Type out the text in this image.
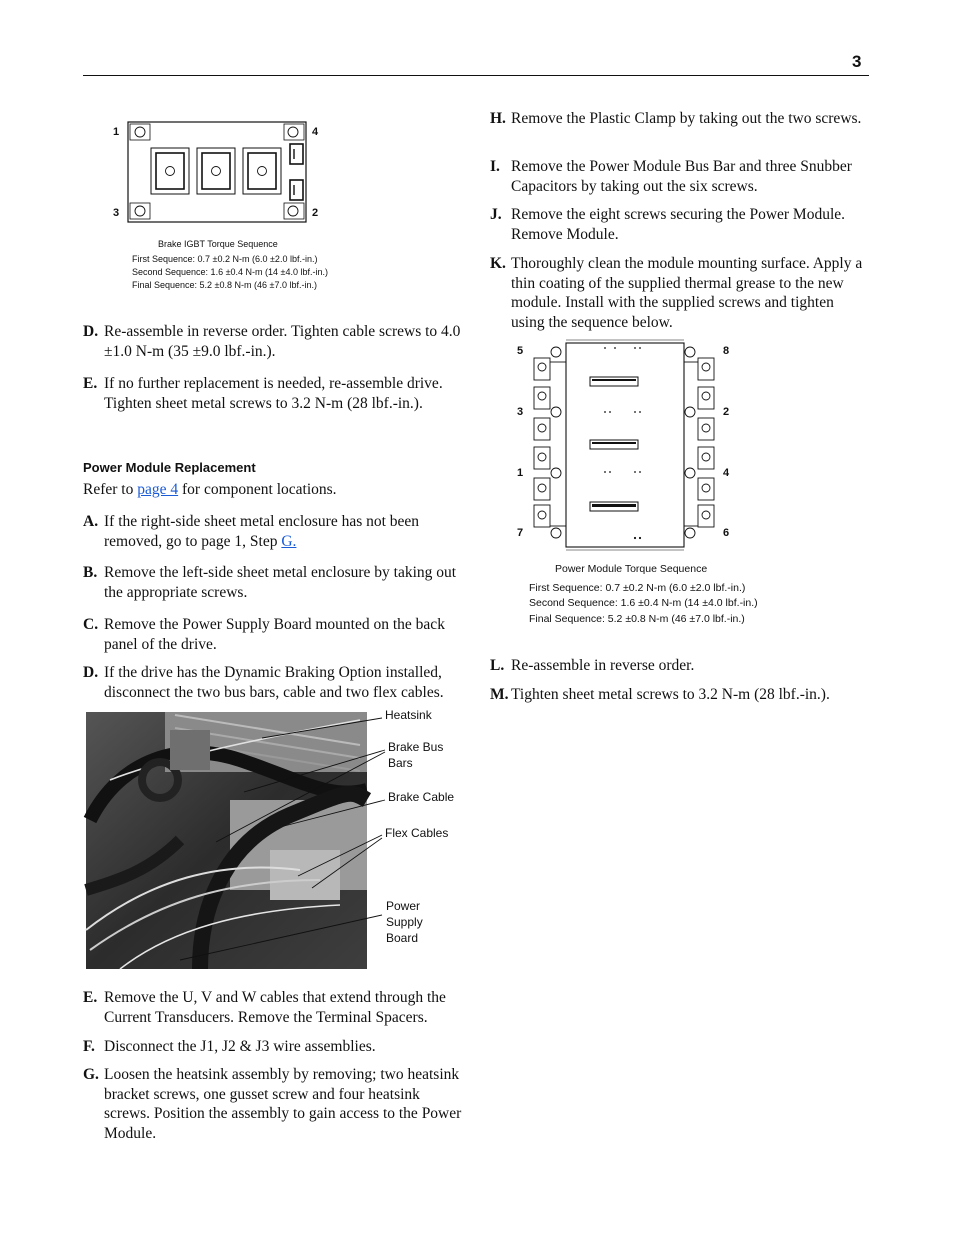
3
1	4
3	2
Brake IGBT Torque Sequence
First Sequence: 0.7 ±0.2 N-m (6.0 ±2.0 lbf.-in.)
Second Sequence: 1.6 ±0.4 N-m (14 ±4.0 lbf.-in.)
Final Sequence: 5.2 ±0.8 N-m (46 ±7.0 lbf.-in.)
D. Re-assemble in reverse order. Tighten cable screws to 4.0 ±1.0 N-m (35 ±9.0 lbf.-in.).
E. If no further replacement is needed, re-assemble drive. Tighten sheet metal screws to 3.2 N-m (28 lbf.-in.).
Power Module Replacement
Refer to page 4 for component locations.
A. If the right-side sheet metal enclosure has not been removed, go to page 1, Step G.
B. Remove the left-side sheet metal enclosure by taking out the appropriate screws.
C. Remove the Power Supply Board mounted on the back panel of the drive.
D. If the drive has the Dynamic Braking Option installed, disconnect the two bus bars, cable and two flex cables.
Heatsink
Brake Bus
Bars
Brake Cable
Flex Cables
Power
Supply
Board
E. Remove the U, V and W cables that extend through the Current Transducers. Remove the Terminal Spacers.
F. Disconnect the J1, J2 & J3 wire assemblies.
G. Loosen the heatsink assembly by removing; two heatsink bracket screws, one gusset screw and four heatsink screws. Position the assembly to gain access to the Power Module.
H. Remove the Plastic Clamp by taking out the two screws.
I. Remove the Power Module Bus Bar and three Snubber Capacitors by taking out the six screws.
J. Remove the eight screws securing the Power Module. Remove Module.
K. Thoroughly clean the module mounting surface. Apply a thin coating of the supplied thermal grease to the new module. Install with the supplied screws and tighten using the sequence below.
5
3
1
7
8
2
4
6
Power Module Torque Sequence
First Sequence: 0.7 ±0.2 N-m (6.0 ±2.0 lbf.-in.)
Second Sequence: 1.6 ±0.4 N-m (14 ±4.0 lbf.-in.)
Final Sequence: 5.2 ±0.8 N-m (46 ±7.0 lbf.-in.)
L. Re-assemble in reverse order.
M. Tighten sheet metal screws to 3.2 N-m (28 lbf.-in.).
